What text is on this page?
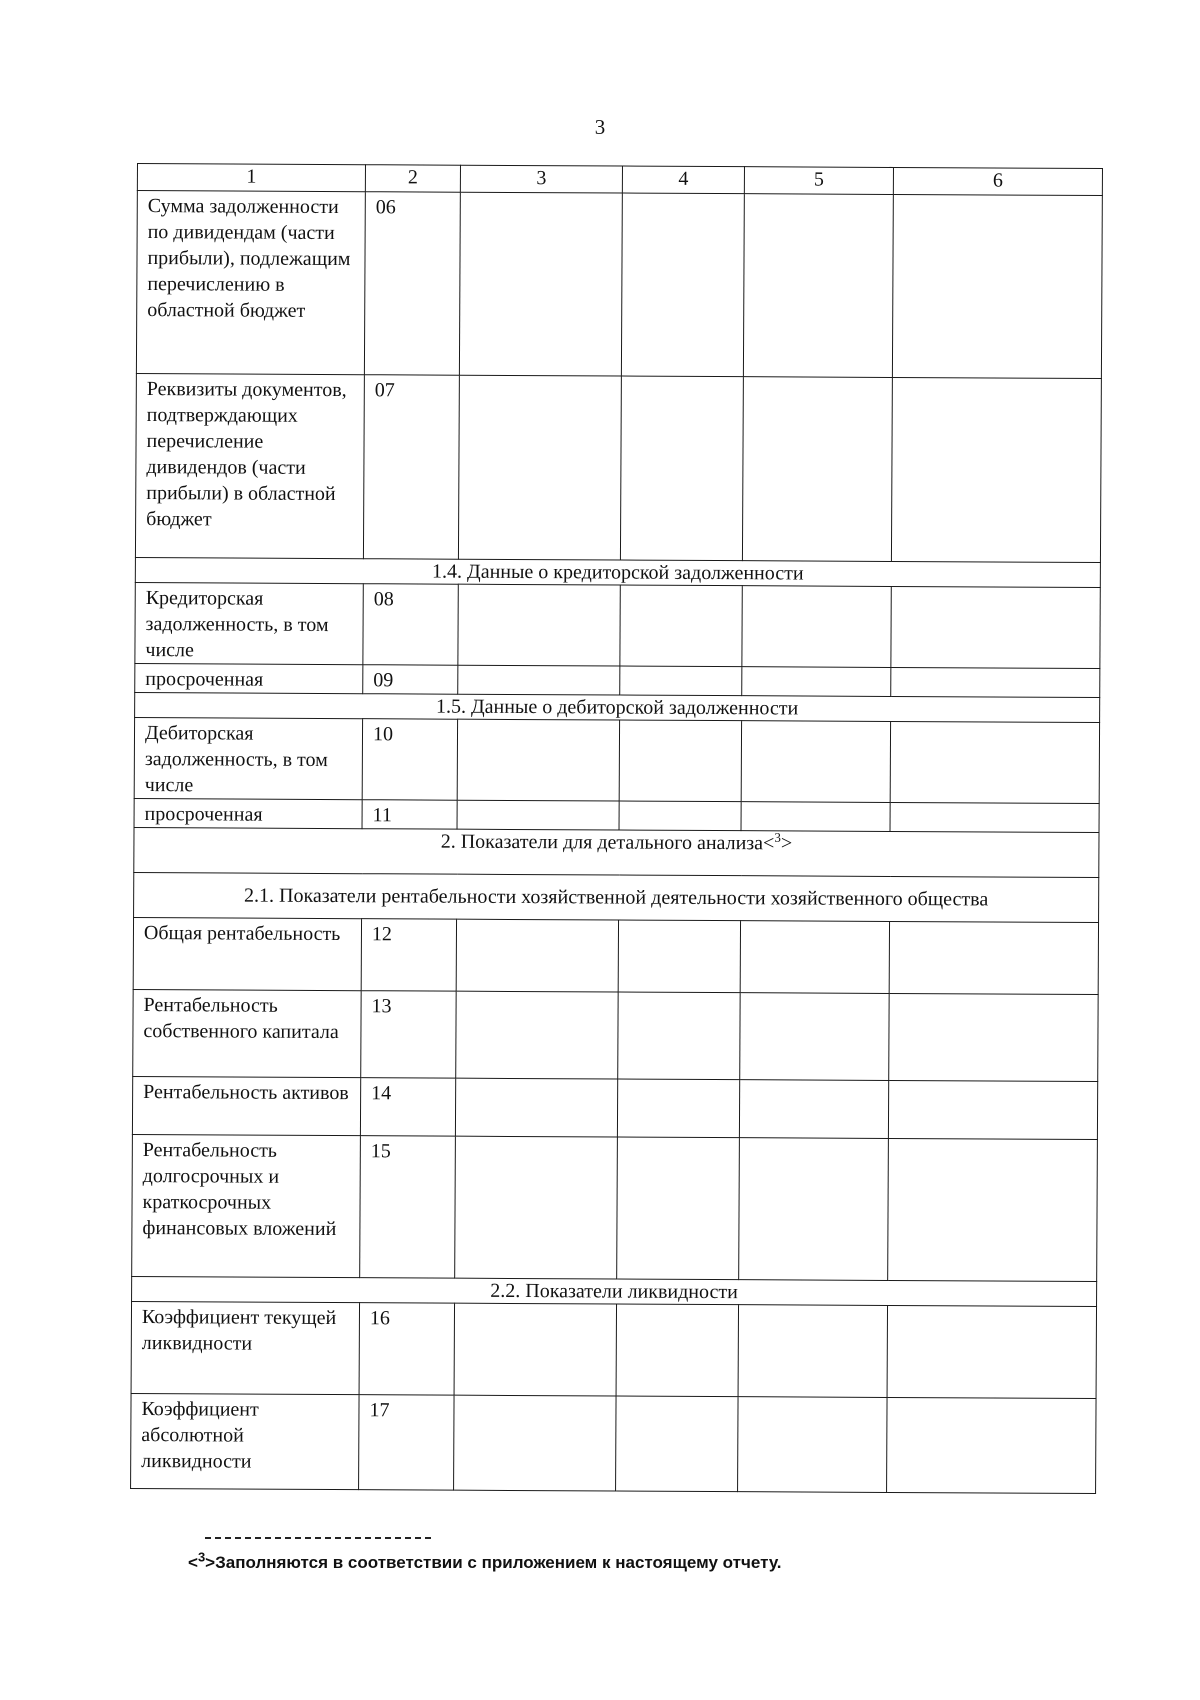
3
1	2	3	4	5	6
Сумма задолженности по дивидендам (части прибыли), подлежащим перечислению в областной бюджет	06				
Реквизиты документов, подтверждающих перечисление дивидендов (части прибыли) в областной бюджет	07				
1.4. Данные о кредиторской задолженности					
Кредиторская задолженность, в том числе	08				
просроченная	09				
1.5. Данные о дебиторской задолженности					
Дебиторская задолженность, в том числе	10				
просроченная	11				
2. Показатели для детального анализа<$^3$>					
2.1. Показатели рентабельности хозяйственной деятельности хозяйственного общества					
Общая рентабельность	12				
Рентабельность собственного капитала	13				
Рентабельность активов	14				
Рентабельность долгосрочных и краткосрочных финансовых вложений	15				
2.2. Показатели ликвидности					
Коэффициент текущей ликвидности	16				
Коэффициент абсолютной ликвидности	17				
<$^3$>Заполняются в соответствии с приложением к настоящему отчету.
